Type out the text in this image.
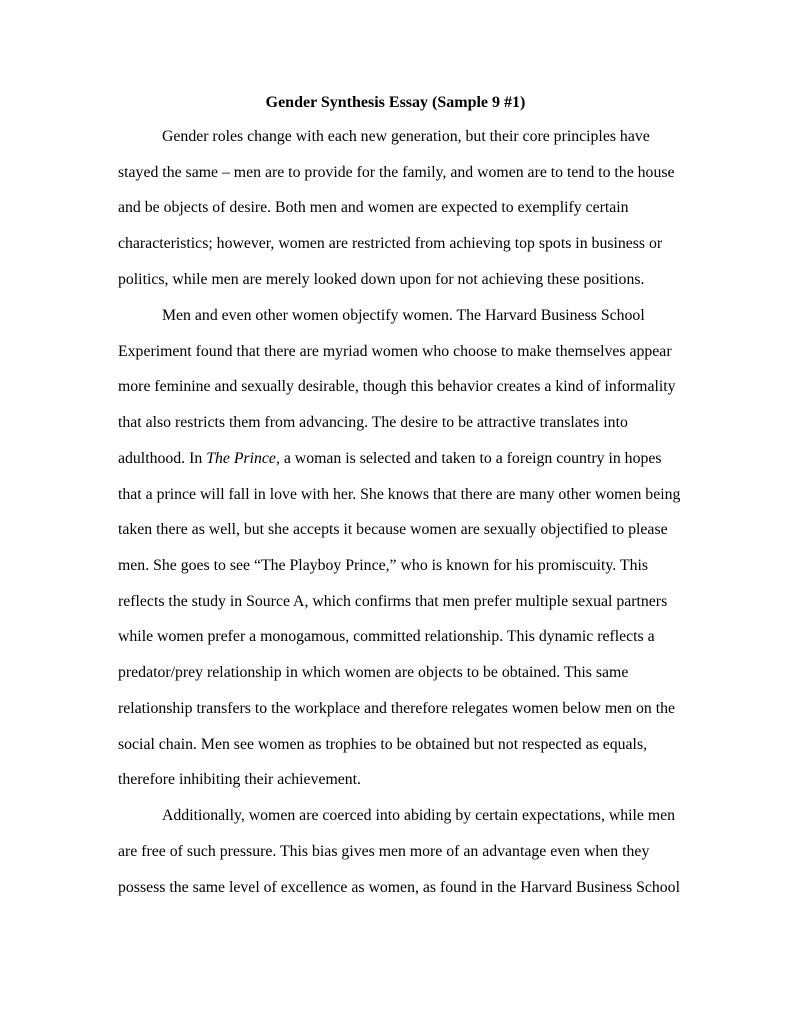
Gender Synthesis Essay (Sample 9 #1)
Gender roles change with each new generation, but their core principles have
stayed the same – men are to provide for the family, and women are to tend to the house
and be objects of desire. Both men and women are expected to exemplify certain
characteristics; however, women are restricted from achieving top spots in business or
politics, while men are merely looked down upon for not achieving these positions.
Men and even other women objectify women. The Harvard Business School
Experiment found that there are myriad women who choose to make themselves appear
more feminine and sexually desirable, though this behavior creates a kind of informality
that also restricts them from advancing. The desire to be attractive translates into
adulthood. In The Prince, a woman is selected and taken to a foreign country in hopes
that a prince will fall in love with her. She knows that there are many other women being
taken there as well, but she accepts it because women are sexually objectified to please
men. She goes to see “The Playboy Prince,” who is known for his promiscuity. This
reflects the study in Source A, which confirms that men prefer multiple sexual partners
while women prefer a monogamous, committed relationship. This dynamic reflects a
predator/prey relationship in which women are objects to be obtained. This same
relationship transfers to the workplace and therefore relegates women below men on the
social chain. Men see women as trophies to be obtained but not respected as equals,
therefore inhibiting their achievement.
Additionally, women are coerced into abiding by certain expectations, while men
are free of such pressure. This bias gives men more of an advantage even when they
possess the same level of excellence as women, as found in the Harvard Business School
